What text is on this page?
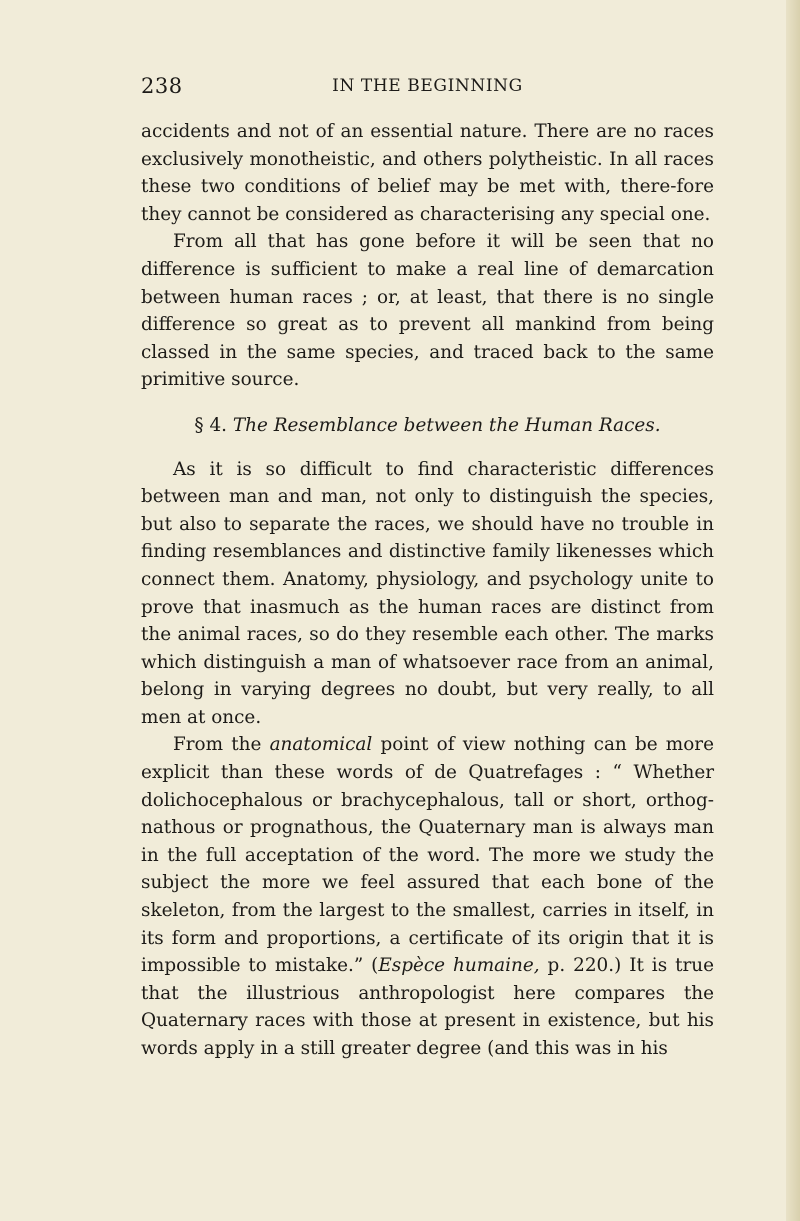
238	IN THE BEGINNING

accidents and not of an essential nature. There are no races exclusively monotheistic, and others polytheistic. In all races these two conditions of belief may be met with, there-fore they cannot be considered as characterising any special one.

From all that has gone before it will be seen that no difference is sufficient to make a real line of demarcation between human races ; or, at least, that there is no single difference so great as to prevent all mankind from being classed in the same species, and traced back to the same primitive source.

§ 4. The Resemblance between the Human Races.

As it is so difficult to find characteristic differences between man and man, not only to distinguish the species, but also to separate the races, we should have no trouble in finding resemblances and distinctive family likenesses which connect them. Anatomy, physiology, and psychology unite to prove that inasmuch as the human races are distinct from the animal races, so do they resemble each other. The marks which distinguish a man of whatsoever race from an animal, belong in varying degrees no doubt, but very really, to all men at once.

From the anatomical point of view nothing can be more explicit than these words of de Quatrefages : “ Whether dolichocephalous or brachycephalous, tall or short, orthog-nathous or prognathous, the Quaternary man is always man in the full acceptation of the word. The more we study the subject the more we feel assured that each bone of the skeleton, from the largest to the smallest, carries in itself, in its form and proportions, a certificate of its origin that it is impossible to mistake.” (Espèce humaine, p. 220.) It is true that the illustrious anthropologist here compares the Quaternary races with those at present in existence, but his words apply in a still greater degree (and this was in his
